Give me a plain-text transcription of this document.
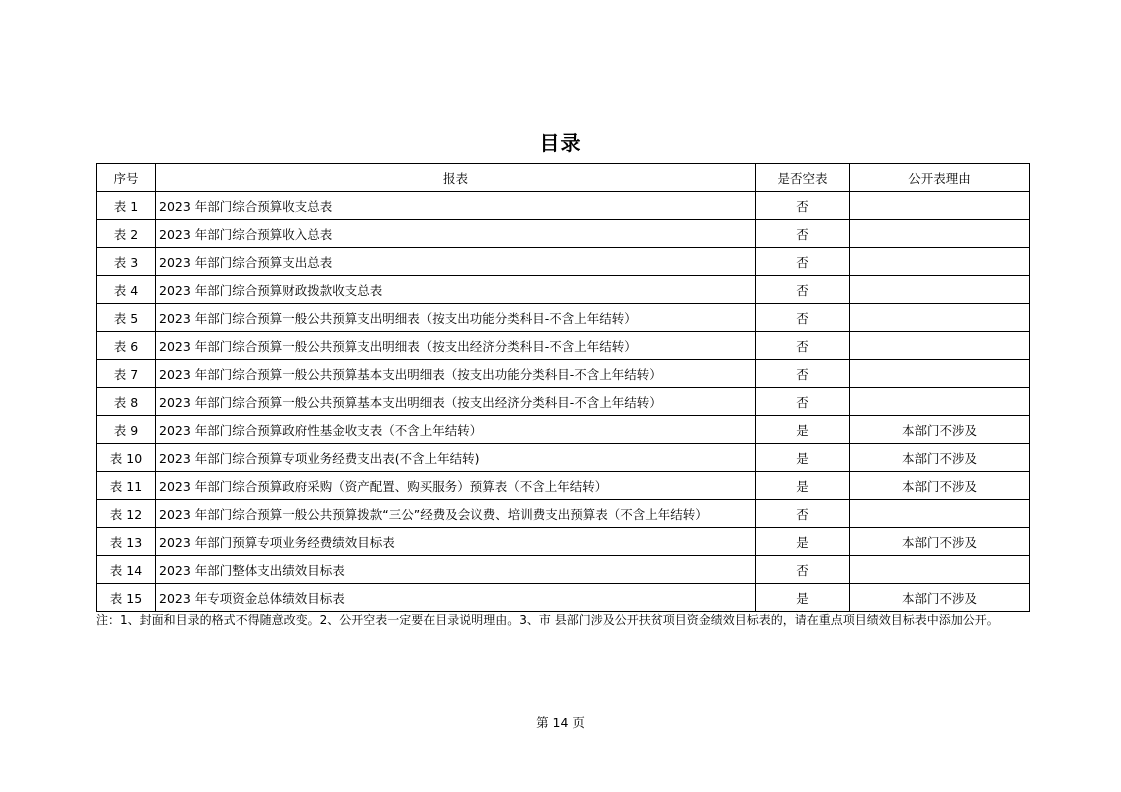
目录
序号	报表	是否空表	公开表理由
表 1	2023 年部门综合预算收支总表	否	
表 2	2023 年部门综合预算收入总表	否	
表 3	2023 年部门综合预算支出总表	否	
表 4	2023 年部门综合预算财政拨款收支总表	否	
表 5	2023 年部门综合预算一般公共预算支出明细表（按支出功能分类科目-不含上年结转）	否	
表 6	2023 年部门综合预算一般公共预算支出明细表（按支出经济分类科目-不含上年结转）	否	
表 7	2023 年部门综合预算一般公共预算基本支出明细表（按支出功能分类科目-不含上年结转）	否	
表 8	2023 年部门综合预算一般公共预算基本支出明细表（按支出经济分类科目-不含上年结转）	否	
表 9	2023 年部门综合预算政府性基金收支表（不含上年结转）	是	本部门不涉及
表 10	2023 年部门综合预算专项业务经费支出表(不含上年结转)	是	本部门不涉及
表 11	2023 年部门综合预算政府采购（资产配置、购买服务）预算表（不含上年结转）	是	本部门不涉及
表 12	2023 年部门综合预算一般公共预算拨款“三公”经费及会议费、培训费支出预算表（不含上年结转）	否	
表 13	2023 年部门预算专项业务经费绩效目标表	是	本部门不涉及
表 14	2023 年部门整体支出绩效目标表	否	
表 15	2023 年专项资金总体绩效目标表	是	本部门不涉及
注：1、封面和目录的格式不得随意改变。2、公开空表一定要在目录说明理由。3、市 县部门涉及公开扶贫项目资金绩效目标表的，请在重点项目绩效目标表中添加公开。
第 14 页
